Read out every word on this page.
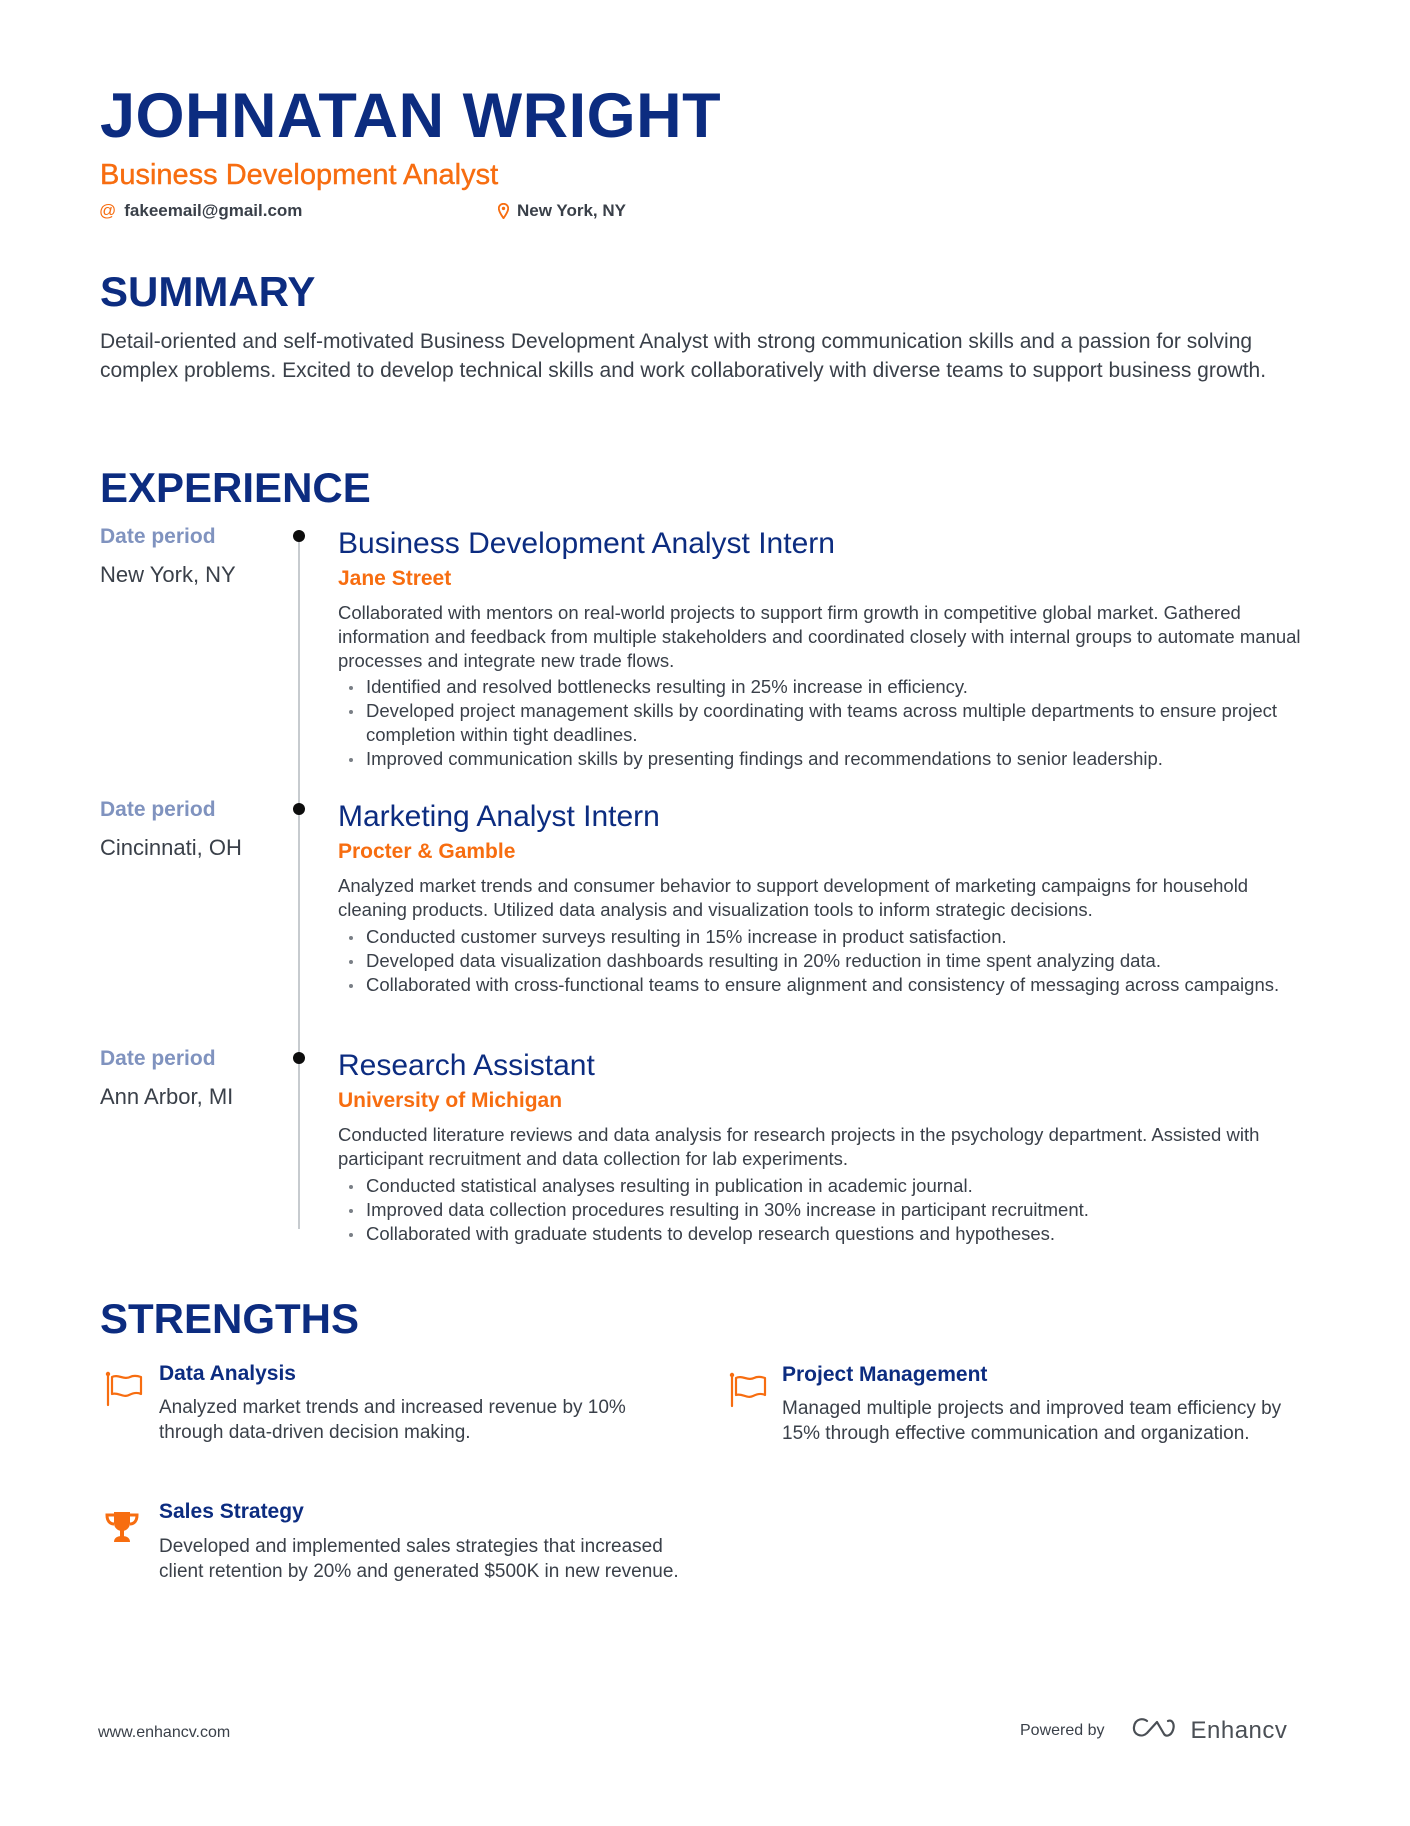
JOHNATAN WRIGHT
Business Development Analyst
@ fakeemail@gmail.com	New York, NY
SUMMARY
Detail-oriented and self-motivated Business Development Analyst with strong communication skills and a passion for solving complex problems. Excited to develop technical skills and work collaboratively with diverse teams to support business growth.
EXPERIENCE
Date period
New York, NY
Business Development Analyst Intern
Jane Street
Collaborated with mentors on real-world projects to support firm growth in competitive global market. Gathered information and feedback from multiple stakeholders and coordinated closely with internal groups to automate manual processes and integrate new trade flows.
Identified and resolved bottlenecks resulting in 25% increase in efficiency.
Developed project management skills by coordinating with teams across multiple departments to ensure project completion within tight deadlines.
Improved communication skills by presenting findings and recommendations to senior leadership.
Date period
Cincinnati, OH
Marketing Analyst Intern
Procter & Gamble
Analyzed market trends and consumer behavior to support development of marketing campaigns for household cleaning products. Utilized data analysis and visualization tools to inform strategic decisions.
Conducted customer surveys resulting in 15% increase in product satisfaction.
Developed data visualization dashboards resulting in 20% reduction in time spent analyzing data.
Collaborated with cross-functional teams to ensure alignment and consistency of messaging across campaigns.
Date period
Ann Arbor, MI
Research Assistant
University of Michigan
Conducted literature reviews and data analysis for research projects in the psychology department. Assisted with participant recruitment and data collection for lab experiments.
Conducted statistical analyses resulting in publication in academic journal.
Improved data collection procedures resulting in 30% increase in participant recruitment.
Collaborated with graduate students to develop research questions and hypotheses.
STRENGTHS
Data Analysis
Analyzed market trends and increased revenue by 10% through data-driven decision making.
Project Management
Managed multiple projects and improved team efficiency by 15% through effective communication and organization.
Sales Strategy
Developed and implemented sales strategies that increased client retention by 20% and generated $500K in new revenue.
www.enhancv.com	Powered by	Enhancv
